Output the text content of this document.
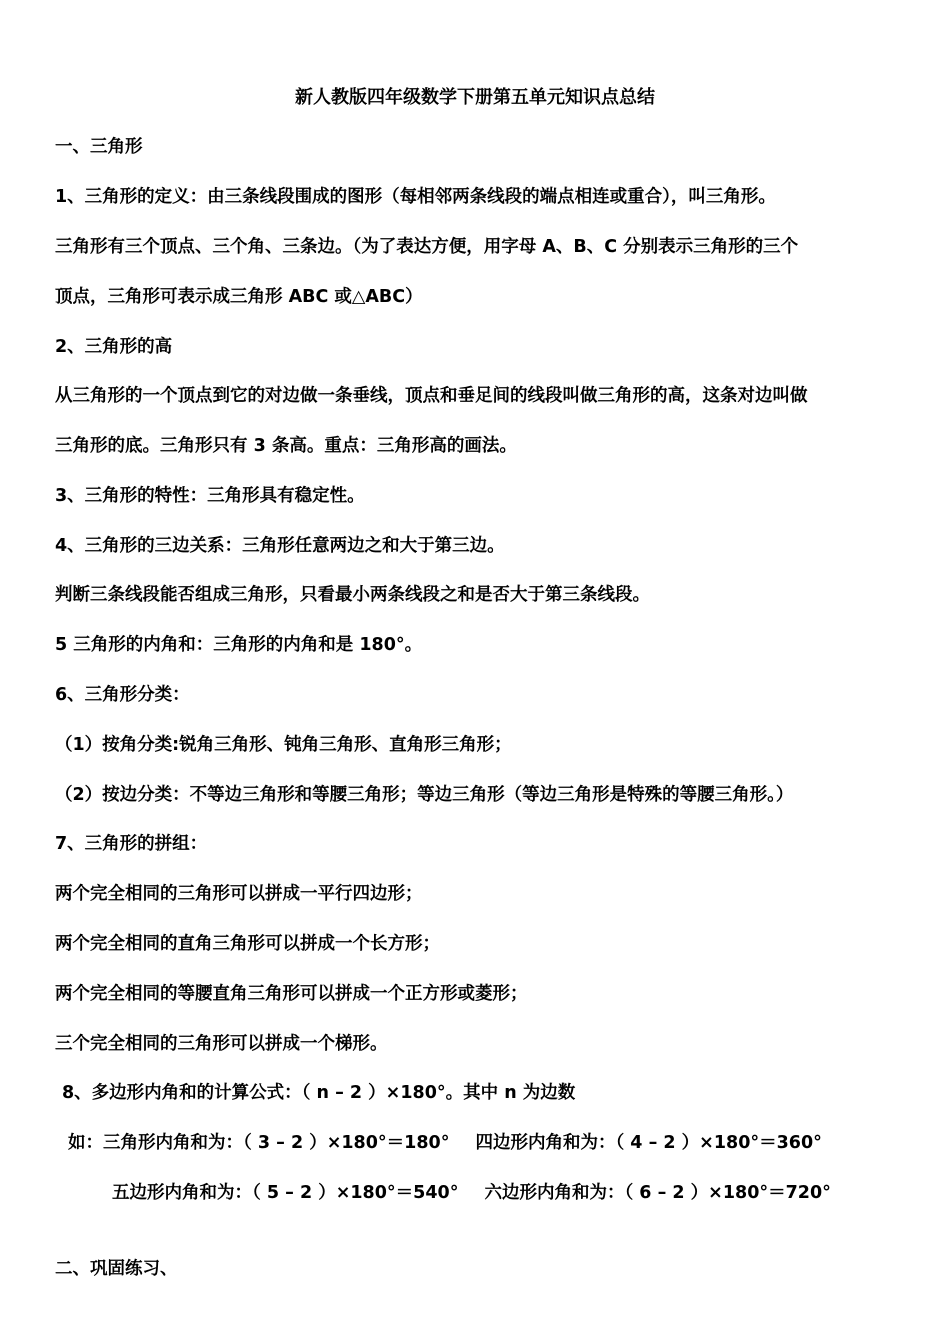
新人教版四年级数学下册第五单元知识点总结
一、三角形
1、三角形的定义：由三条线段围成的图形（每相邻两条线段的端点相连或重合），叫三角形。
三角形有三个顶点、三个角、三条边。（为了表达方便，用字母 A、B、C 分别表示三角形的三个
顶点，三角形可表示成三角形 ABC 或△ABC）
2、三角形的高
从三角形的一个顶点到它的对边做一条垂线，顶点和垂足间的线段叫做三角形的高，这条对边叫做
三角形的底。三角形只有 3 条高。重点：三角形高的画法。
3、三角形的特性：三角形具有稳定性。
4、三角形的三边关系：三角形任意两边之和大于第三边。
判断三条线段能否组成三角形，只看最小两条线段之和是否大于第三条线段。
5 三角形的内角和：三角形的内角和是 180°。
6、三角形分类：
（1）按角分类:锐角三角形、钝角三角形、直角形三角形；
（2）按边分类：不等边三角形和等腰三角形；等边三角形（等边三角形是特殊的等腰三角形。）
7、三角形的拼组：
两个完全相同的三角形可以拼成一平行四边形；
两个完全相同的直角三角形可以拼成一个长方形；
两个完全相同的等腰直角三角形可以拼成一个正方形或菱形；
三个完全相同的三角形可以拼成一个梯形。
8、多边形内角和的计算公式：（ n – 2 ）×180°。其中 n 为边数
如：三角形内角和为：（ 3 – 2 ）×180°＝180° 四边形内角和为：（ 4 – 2 ）×180°＝360°
五边形内角和为：（ 5 – 2 ）×180°＝540° 六边形内角和为：（ 6 – 2 ）×180°＝720°
二、巩固练习、
